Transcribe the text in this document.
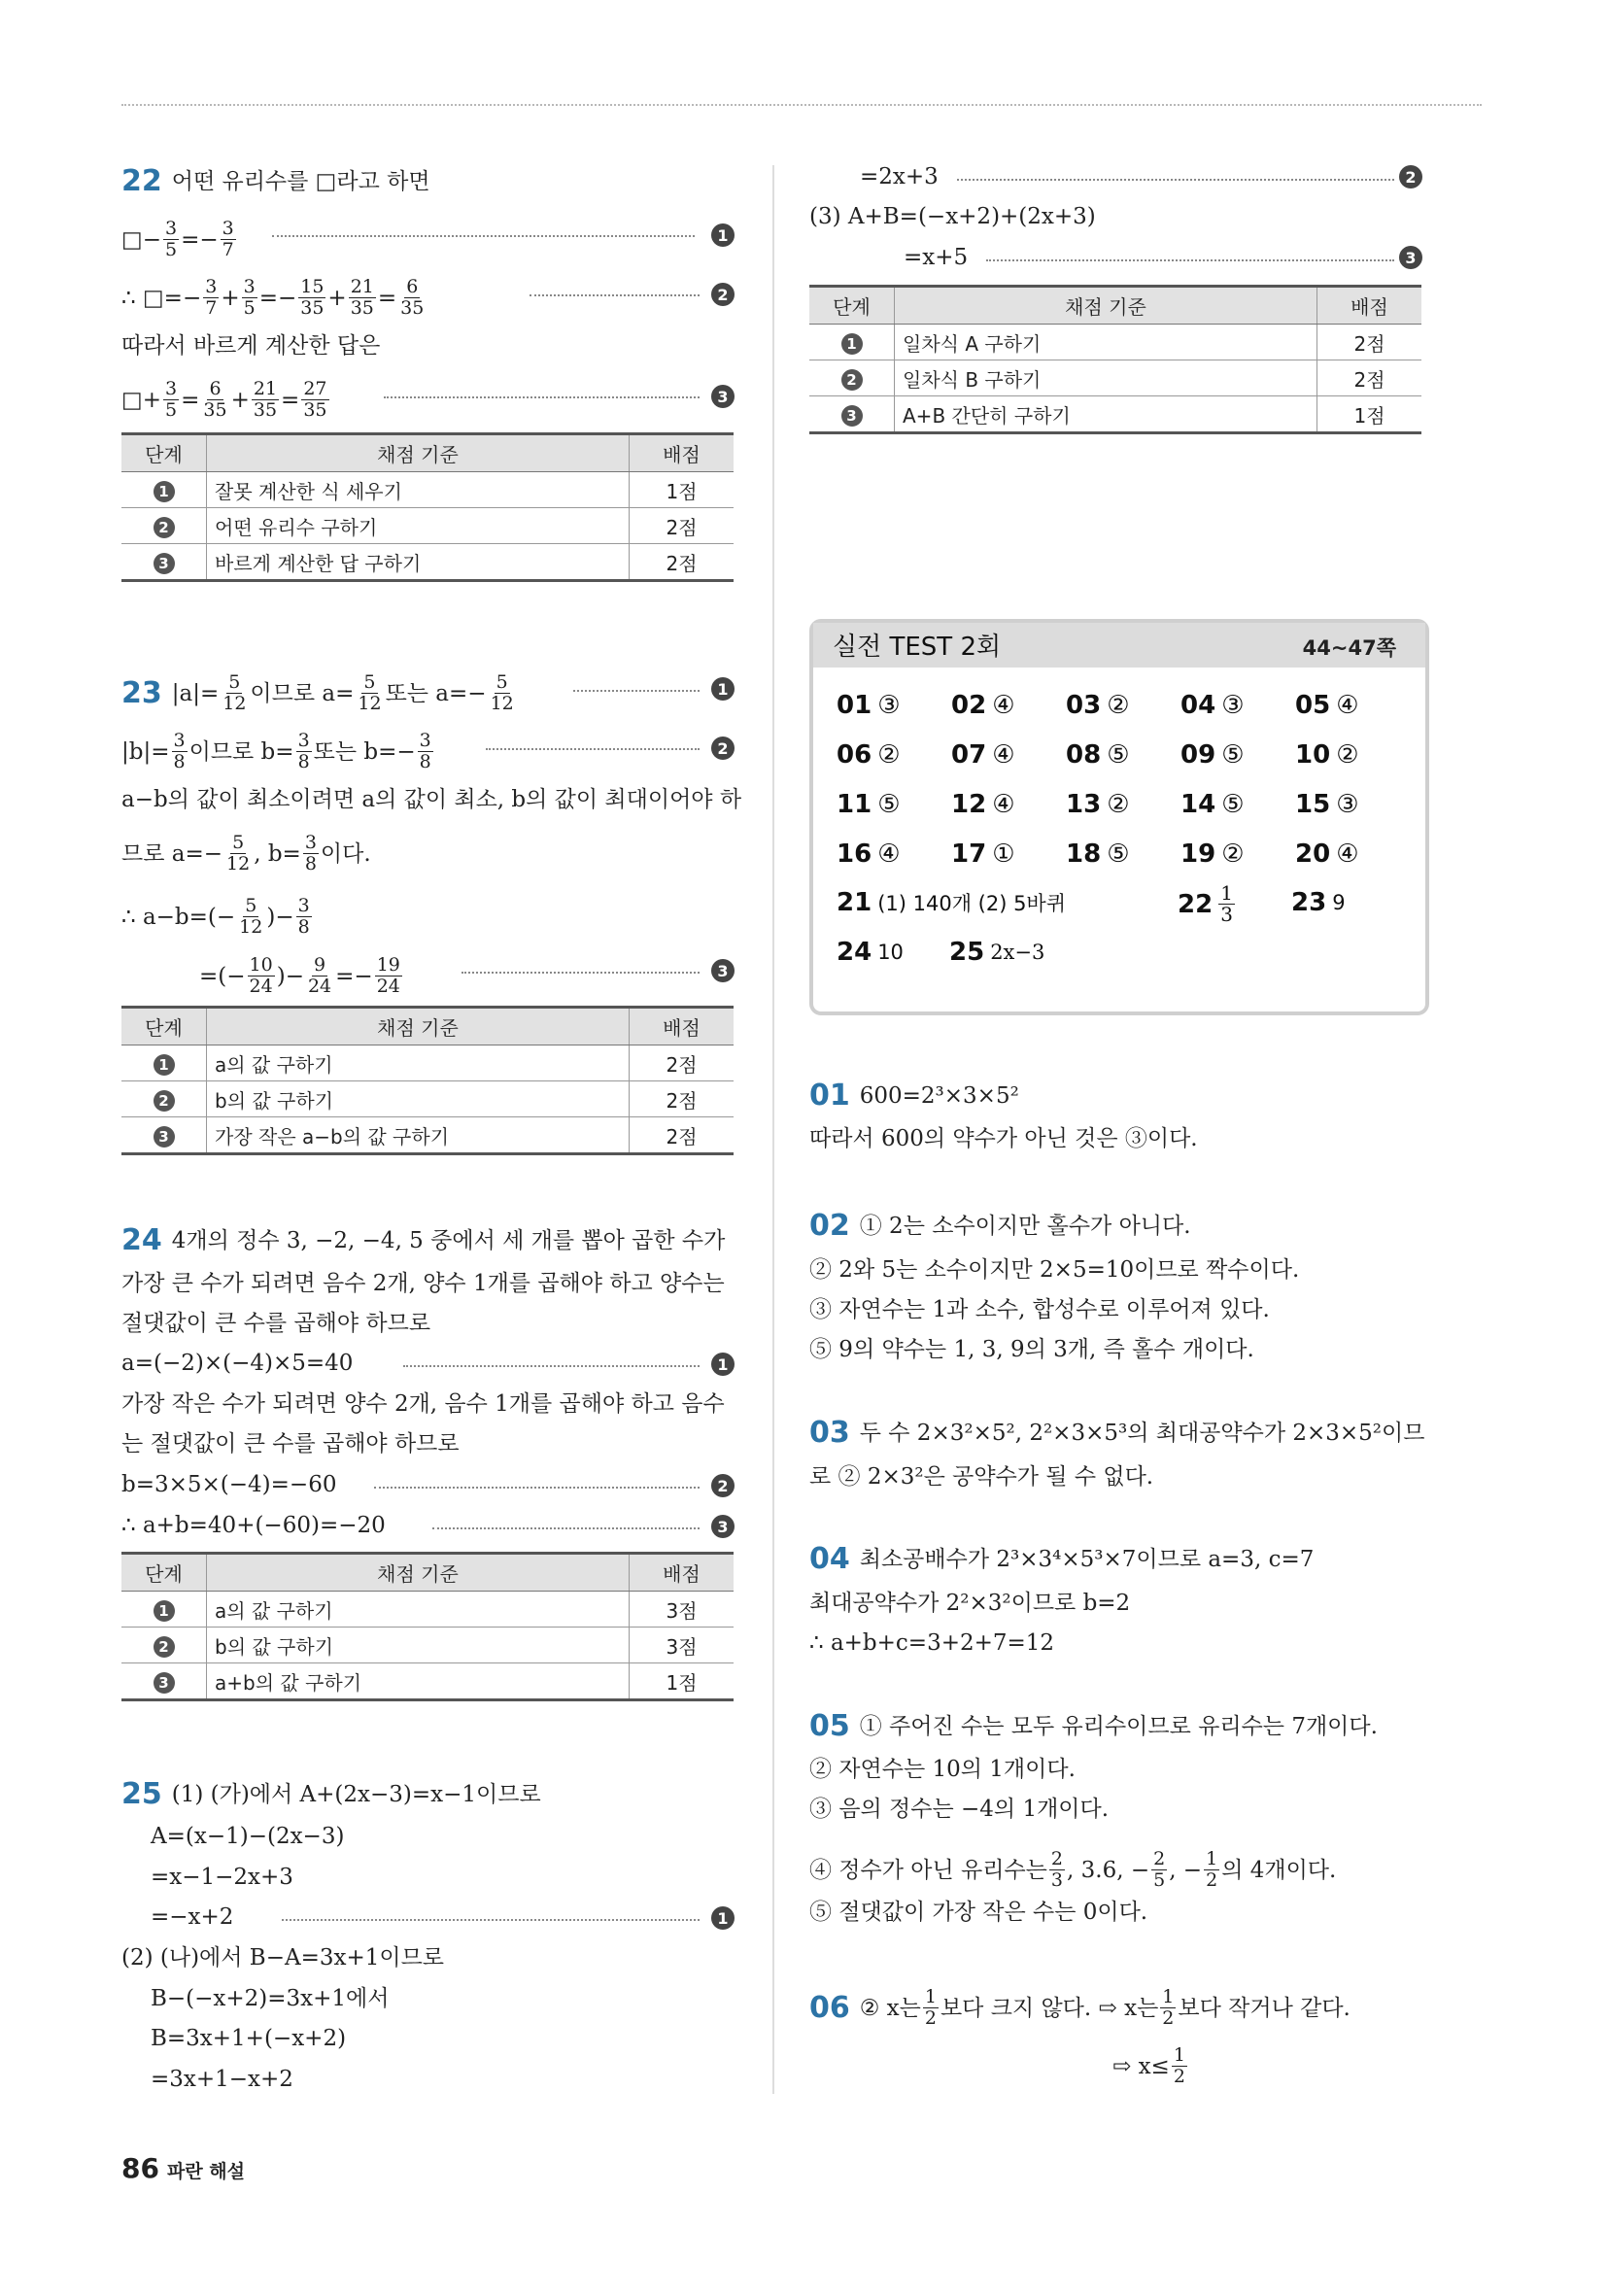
22 어떤 유리수를 □라고 하면
□− $\frac{3}{5} =- \frac{3}{7}$	1
∴ □=− $\frac{3}{7} + \frac{3}{5} =- \frac{15}{35} + \frac{21}{35} = \frac{6}{35}$	2
따라서 바르게 계산한 답은
□+ $\frac{3}{5} = \frac{6}{35} + \frac{21}{35} = \frac{27}{35}$	3
단계	채점 기준	배점
1	잘못 계산한 식 세우기	1점
2	어떤 유리수 구하기	2점
3	바르게 계산한 답 구하기	2점
23 $|a|= \frac{5}{12}$ 이므로 $a= \frac{5}{12}$ 또는 $a=- \frac{5}{12}$	1
$|b|= \frac{3}{8}$ 이므로 $b= \frac{3}{8}$ 또는 $b=- \frac{3}{8}$	2
a−b의 값이 최소이려면 a의 값이 최소, b의 값이 최대이어야 하
므로 $a=- \frac{5}{12}$ , $b= \frac{3}{8}$ 이다.
∴ $a-b=(- \frac{5}{12}$ )− $\frac{3}{8}$
=(− $\frac{10}{24}$ )− $\frac{9}{24} =- \frac{19}{24}$	3
단계	채점 기준	배점
1	a의 값 구하기	2점
2	b의 값 구하기	2점
3	가장 작은 a−b의 값 구하기	2점
24 4개의 정수 3, −2, −4, 5 중에서 세 개를 뽑아 곱한 수가
가장 큰 수가 되려면 음수 2개, 양수 1개를 곱해야 하고 양수는
절댓값이 큰 수를 곱해야 하므로
a=(−2)×(−4)×5=40	1
가장 작은 수가 되려면 양수 2개, 음수 1개를 곱해야 하고 음수
는 절댓값이 큰 수를 곱해야 하므로
b=3×5×(−4)=−60	2
∴ a+b=40+(−60)=−20	3
단계	채점 기준	배점
1	a의 값 구하기	3점
2	b의 값 구하기	3점
3	a+b의 값 구하기	1점
25 (1) (가)에서 A+(2x−3)=x−1이므로
A=(x−1)−(2x−3)
=x−1−2x+3
=−x+2	1
(2) (나)에서 B−A=3x+1이므로
B−(−x+2)=3x+1에서
B=3x+1+(−x+2)
=3x+1−x+2
=2x+3	2
(3) A+B=(−x+2)+(2x+3)
=x+5	3
단계	채점 기준	배점
1	일차식 A 구하기	2점
2	일차식 B 구하기	2점
3	A+B 간단히 구하기	1점
실전 TEST 2회	44~47쪽
01 ③ 02 ④ 03 ② 04 ③ 05 ④
06 ② 07 ④ 08 ⑤ 09 ⑤ 10 ②
11 ⑤ 12 ④ 13 ② 14 ⑤ 15 ③
16 ④ 17 ① 18 ⑤ 19 ② 20 ④
21 (1) 140개 (2) 5바퀴	$22 \frac{1}{3} 23$ 9
24 10 25 2x−3
01 600=2³×3×5²
따라서 600의 약수가 아닌 것은 ③이다.
02 ① 2는 소수이지만 홀수가 아니다.
② 2와 5는 소수이지만 2×5=10이므로 짝수이다.
③ 자연수는 1과 소수, 합성수로 이루어져 있다.
⑤ 9의 약수는 1, 3, 9의 3개, 즉 홀수 개이다.
03 두 수 2×3²×5², 2²×3×5³의 최대공약수가 2×3×5²이므
로 ② 2×3²은 공약수가 될 수 없다.
04 최소공배수가 2³×3⁴×5³×7이므로 a=3, c=7
최대공약수가 2²×3²이므로 b=2
∴ a+b+c=3+2+7=12
05 ① 주어진 수는 모두 유리수이므로 유리수는 7개이다.
② 자연수는 10의 1개이다.
③ 음의 정수는 −4의 1개이다.
④ 정수가 아닌 유리수는 $\frac{2}{3}$ , 3.6, − $\frac{2}{5}$ , − $\frac{1}{2}$ 의 4개이다.
⑤ 절댓값이 가장 작은 수는 0이다.
06 ② x는 $\frac{1}{2}$ 보다 크지 않다. ⇨ x는 $\frac{1}{2}$ 보다 작거나 같다.
⇨ $x\le \frac{1}{2}$
86 파란 해설
